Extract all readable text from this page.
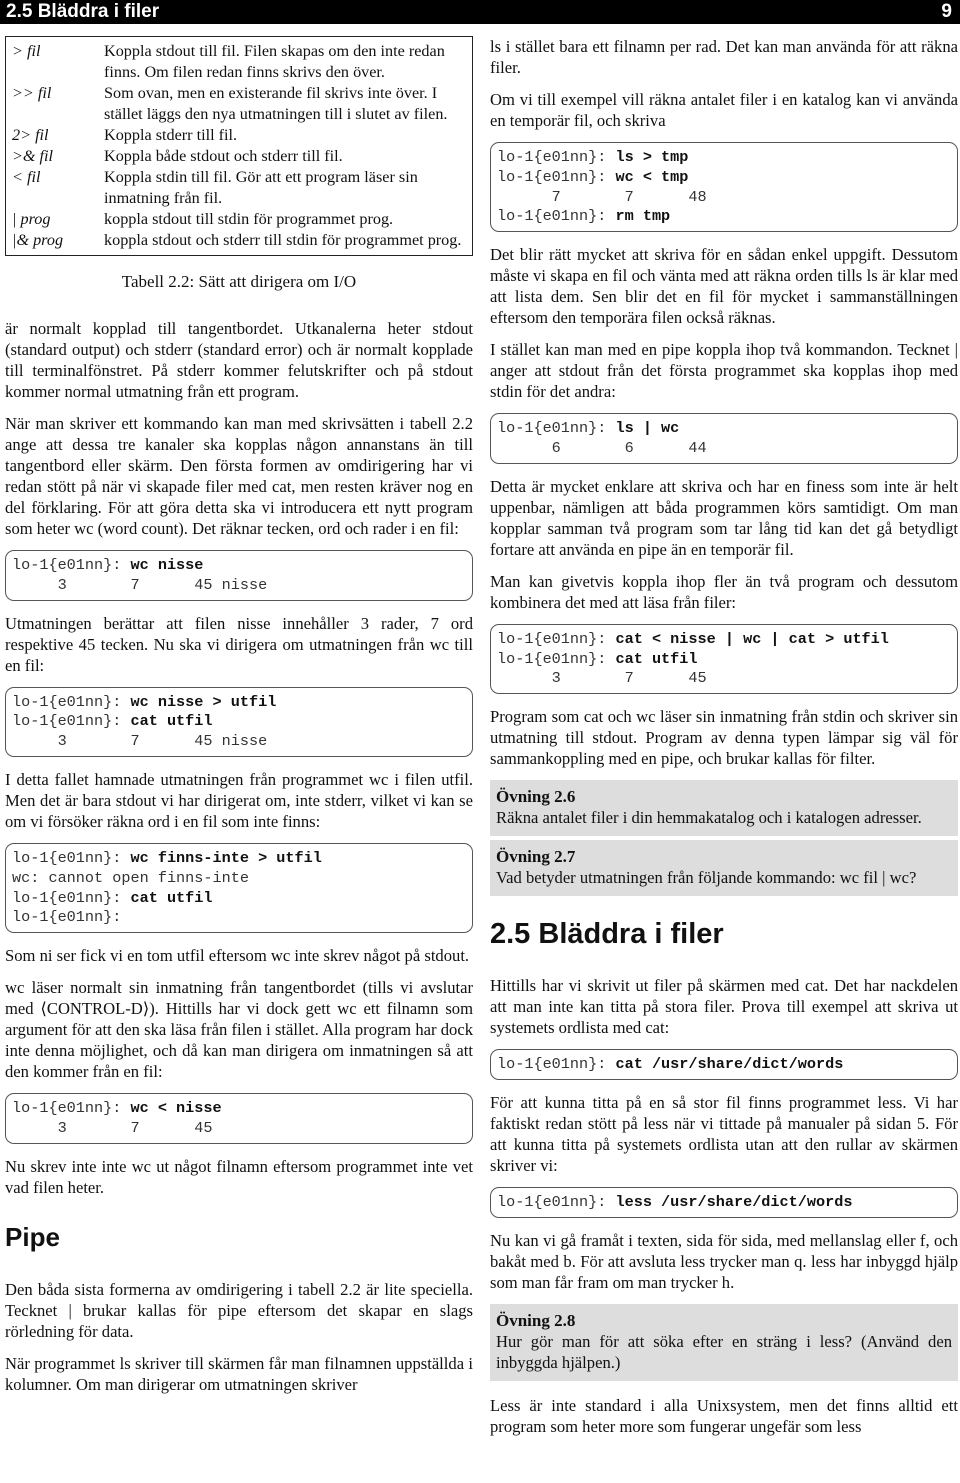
2.5 Bläddra i filer	9
> fil	Koppla stdout till fil. Filen skapas om den inte redan finns. Om filen redan finns skrivs den över.
>> fil	Som ovan, men en existerande fil skrivs inte över. I stället läggs den nya utmatningen till i slutet av filen.
2> fil	Koppla stderr till fil.
>& fil	Koppla både stdout och stderr till fil.
< fil	Koppla stdin till fil. Gör att ett program läser sin inmatning från fil.
| prog	koppla stdout till stdin för programmet prog.
|& prog	koppla stdout och stderr till stdin för programmet prog.
Tabell 2.2: Sätt att dirigera om I/O

är normalt kopplad till tangentbordet. Utkanalerna heter stdout (standard output) och stderr (standard error) och är normalt kopplade till terminalfönstret. På stderr kommer felutskrifter och på stdout kommer normal utmatning från ett program.

När man skriver ett kommando kan man med skrivsätten i tabell 2.2 ange att dessa tre kanaler ska kopplas någon annanstans än till tangentbord eller skärm. Den första formen av omdirigering har vi redan stött på när vi skapade filer med cat, men resten kräver nog en del förklaring. För att göra detta ska vi introducera ett nytt program som heter wc (word count). Det räknar tecken, ord och rader i en fil:

lo-1{e01nn}: wc nisse
3       7      45 nisse

Utmatningen berättar att filen nisse innehåller 3 rader, 7 ord respektive 45 tecken. Nu ska vi dirigera om utmatningen från wc till en fil:

lo-1{e01nn}: wc nisse > utfil
lo-1{e01nn}: cat utfil
3       7      45 nisse

I detta fallet hamnade utmatningen från programmet wc i filen utfil. Men det är bara stdout vi har dirigerat om, inte stderr, vilket vi kan se om vi försöker räkna ord i en fil som inte finns:

lo-1{e01nn}: wc finns-inte > utfil
wc: cannot open finns-inte
lo-1{e01nn}: cat utfil
lo-1{e01nn}:

Som ni ser fick vi en tom utfil eftersom wc inte skrev något på stdout.

wc läser normalt sin inmatning från tangentbordet (tills vi avslutar med ⟨CONTROL-D⟩). Hittills har vi dock gett wc ett filnamn som argument för att den ska läsa från filen i stället. Alla program har dock inte denna möjlighet, och då kan man dirigera om inmatningen så att den kommer från en fil:

lo-1{e01nn}: wc < nisse
3       7      45

Nu skrev inte inte wc ut något filnamn eftersom programmet inte vet vad filen heter.

Pipe

Den båda sista formerna av omdirigering i tabell 2.2 är lite speciella. Tecknet | brukar kallas för pipe eftersom det skapar en slags rörledning för data.

När programmet ls skriver till skärmen får man filnamnen uppställda i kolumner. Om man dirigerar om utmatningen skriver

ls i stället bara ett filnamn per rad. Det kan man använda för att räkna filer.

Om vi till exempel vill räkna antalet filer i en katalog kan vi använda en temporär fil, och skriva

lo-1{e01nn}: ls > tmp
lo-1{e01nn}: wc < tmp
7       7      48
lo-1{e01nn}: rm tmp

Det blir rätt mycket att skriva för en sådan enkel uppgift. Dessutom måste vi skapa en fil och vänta med att räkna orden tills ls är klar med att lista dem. Sen blir det en fil för mycket i sammanställningen eftersom den temporära filen också räknas.

I stället kan man med en pipe koppla ihop två kommandon. Tecknet | anger att stdout från det första programmet ska kopplas ihop med stdin för det andra:

lo-1{e01nn}: ls | wc
6       6      44

Detta är mycket enklare att skriva och har en finess som inte är helt uppenbar, nämligen att båda programmen körs samtidigt. Om man kopplar samman två program som tar lång tid kan det gå betydligt fortare att använda en pipe än en temporär fil.

Man kan givetvis koppla ihop fler än två program och dessutom kombinera det med att läsa från filer:

lo-1{e01nn}: cat < nisse | wc | cat > utfil
lo-1{e01nn}: cat utfil
3       7      45

Program som cat och wc läser sin inmatning från stdin och skriver sin utmatning till stdout. Program av denna typen lämpar sig väl för sammankoppling med en pipe, och brukar kallas för filter.

Övning 2.6
Räkna antalet filer i din hemmakatalog och i katalogen adresser.
Övning 2.7
Vad betyder utmatningen från följande kommando: wc fil | wc?
2.5 Bläddra i filer

Hittills har vi skrivit ut filer på skärmen med cat. Det har nackdelen att man inte kan titta på stora filer. Prova till exempel att skriva ut systemets ordlista med cat:

lo-1{e01nn}: cat /usr/share/dict/words

För att kunna titta på en så stor fil finns programmet less. Vi har faktiskt redan stött på less när vi tittade på manualer på sidan 5. För att kunna titta på systemets ordlista utan att den rullar av skärmen skriver vi:

lo-1{e01nn}: less /usr/share/dict/words

Nu kan vi gå framåt i texten, sida för sida, med mellanslag eller f, och bakåt med b. För att avsluta less trycker man q. less har inbyggd hjälp som man får fram om man trycker h.

Övning 2.8
Hur gör man för att söka efter en sträng i less? (Använd den inbyggda hjälpen.)

Less är inte standard i alla Unixsystem, men det finns alltid ett program som heter more som fungerar ungefär som less
